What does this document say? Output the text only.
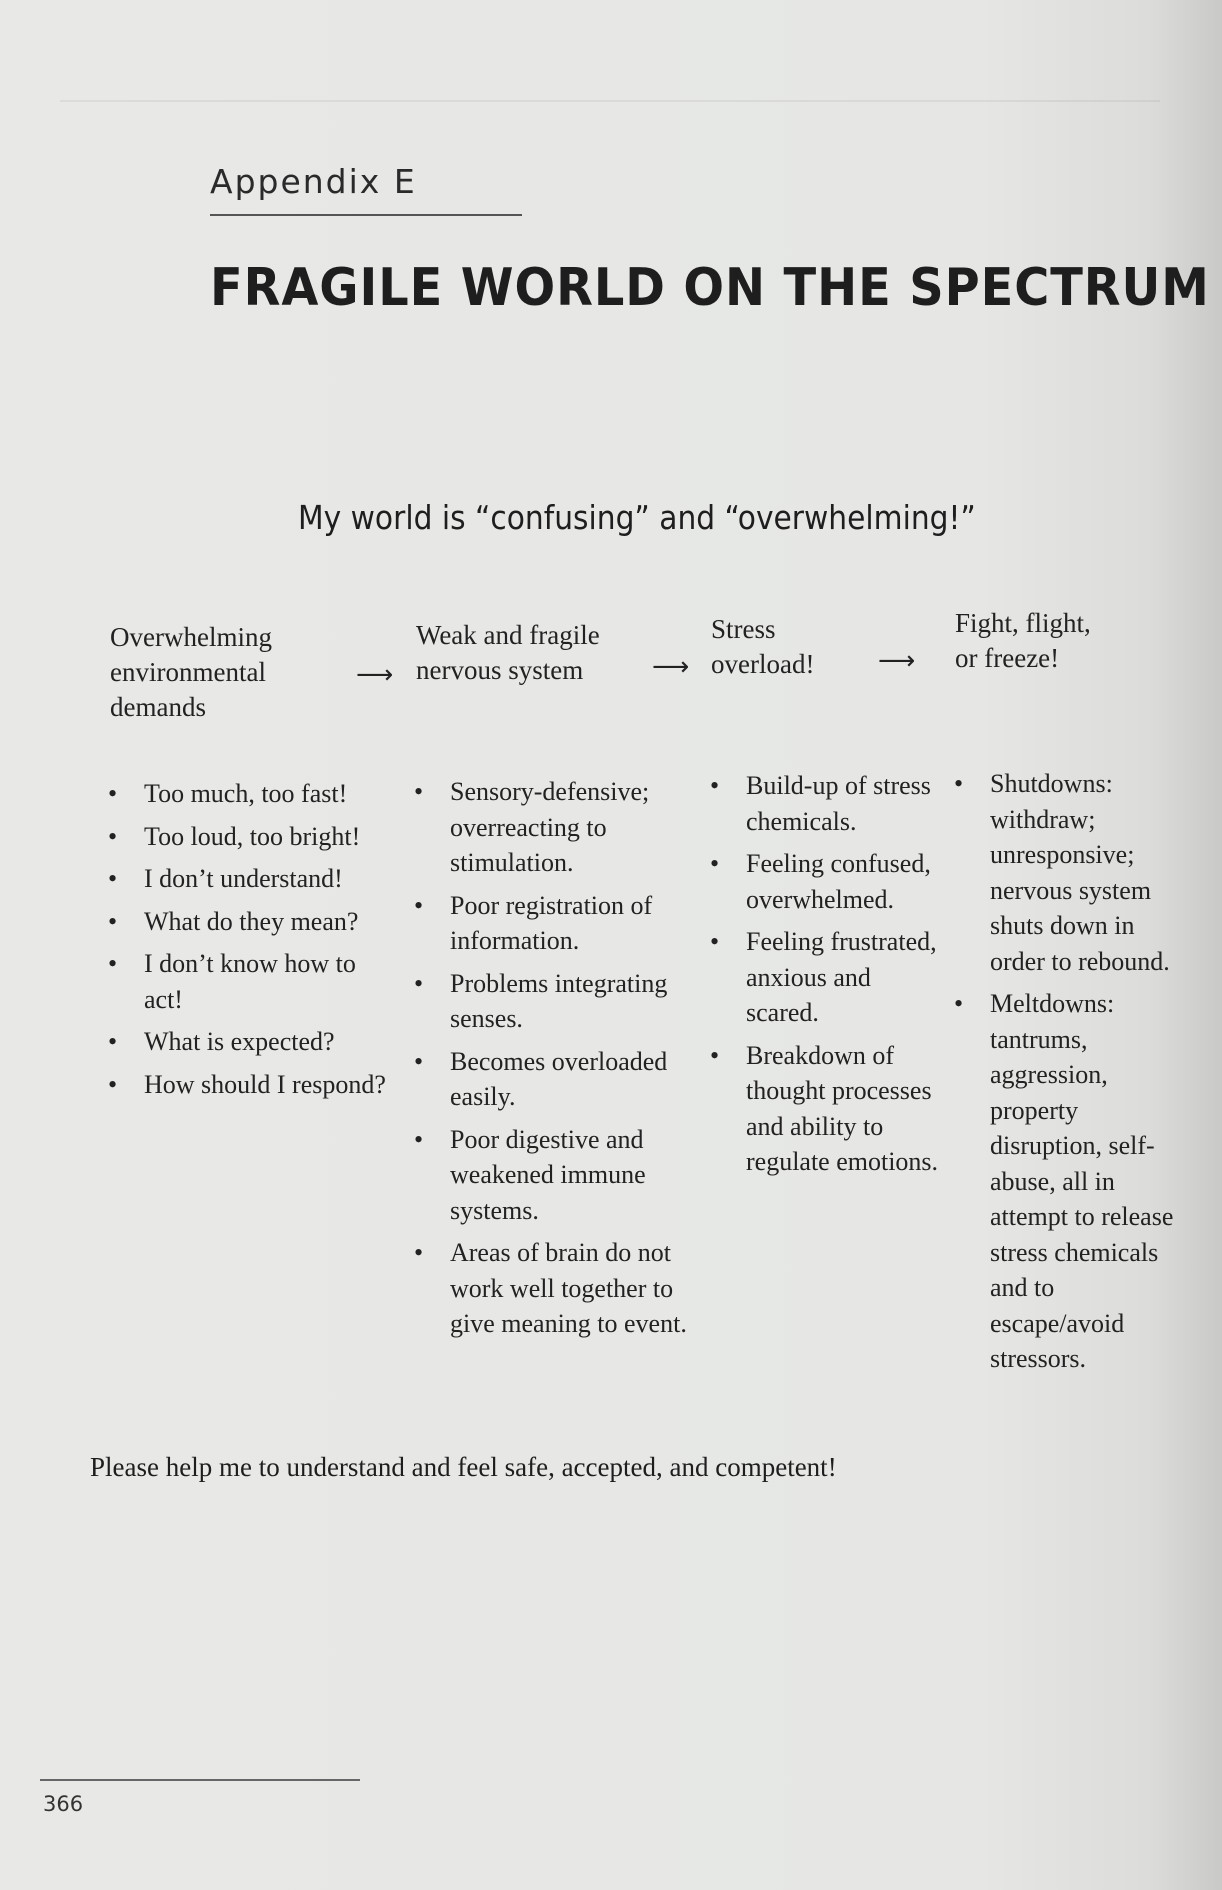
Appendix E
FRAGILE WORLD ON THE SPECTRUM
My world is “confusing” and “overwhelming!”
Overwhelming
environmental
demands
⟶
Weak and fragile
nervous system	⟶
Stress
overload! ⟶
Fight, flight,
or freeze!
• Too much, too fast!
• Too loud, too bright!
• I don’t understand!
• What do they mean?
• I don’t know how to act!
• What is expected?
• How should I respond?
• Sensory-defensive; overreacting to stimulation.
• Poor registration of information.
• Problems integrating senses.
• Becomes overloaded easily.
• Poor digestive and weakened immune systems.
• Areas of brain do not work well together to give meaning to event.
• Build-up of stress chemicals.
• Feeling confused, overwhelmed.
• Feeling frustrated, anxious and scared.
• Breakdown of thought processes and ability to regulate emotions.
• Shutdowns: withdraw; unresponsive; nervous system shuts down in order to rebound.
• Meltdowns: tantrums, aggression, property disruption, self-abuse, all in attempt to release stress chemicals and to escape/avoid stressors.
Please help me to understand and feel safe, accepted, and competent!
366
